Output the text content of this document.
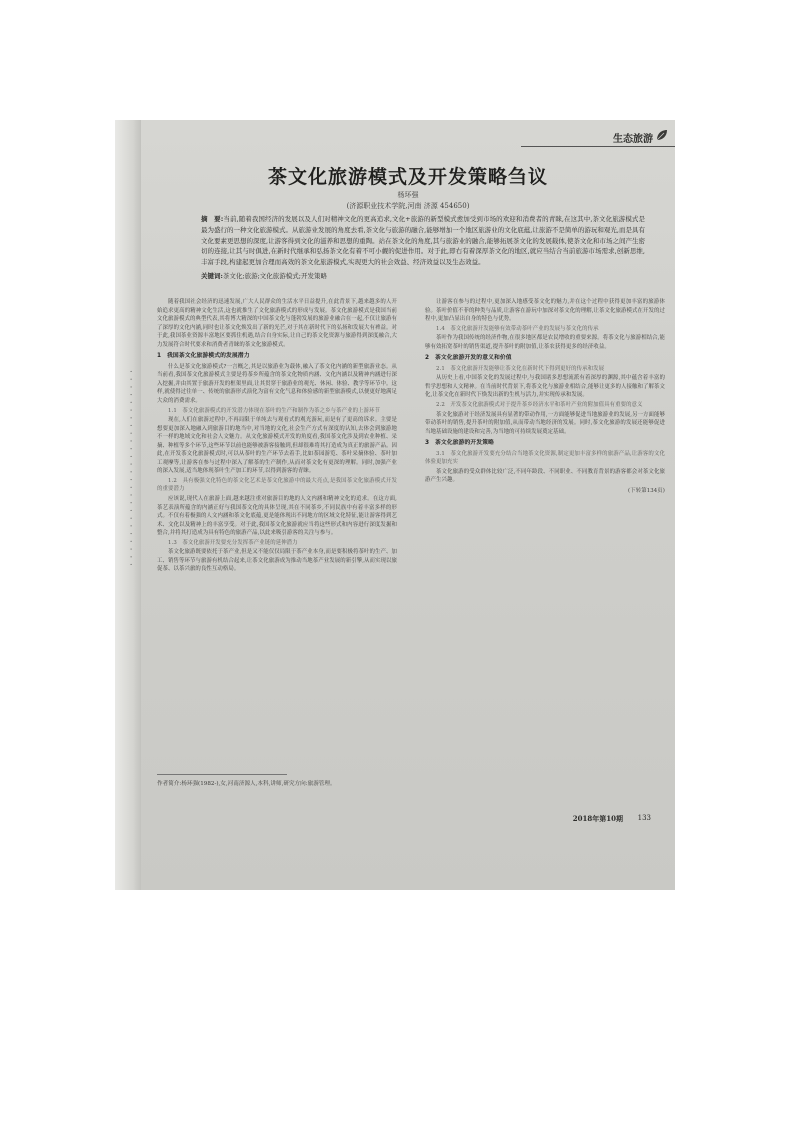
· · · · · · · · · · · · · · · · · · · · · · · · · ·
生态旅游
茶文化旅游模式及开发策略刍议
杨环强
(济源职业技术学院,河南 济源 454650)
摘　要:当前,随着我国经济的发展以及人们对精神文化的更高追求,文化+旅游的新型模式愈加受到市场的欢迎和消费者的青睐,在这其中,茶文化旅游模式是最为盛行的一种文化旅游模式。从旅游业发展的角度去看,茶文化与旅游的融合,能够增加一个地区旅游业的文化底蕴,让旅游不是简单的游玩和观光,而是具有文化要素更思想的深度,让游客得到文化的滋养和思想的重陶。站在茶文化的角度,其与旅游业的融合,能够拓展茶文化的发展载体,使茶文化和市场之间产生密切的连接,让其与时俱进,在新时代继承和弘扬茶文化有着不可小觑的促进作用。对于此,即右有着深厚茶文化的地区,就应当结合当前旅游市场需求,创新思维,丰富手段,构建起更加合理而高效的茶文化旅游模式,实现更大的社会效益、经济效益以及生态效益。
关键词:茶文化;旅游;文化旅游模式;开发策略

随着我国社会经济的迅速发展,广大人民群众的生活水平日益提升,在此背景下,越来越多的人开始追求更高的精神文化生活,这也就推生了文化旅游模式的形成与发展。茶文化旅游模式是我国当前文化旅游模式的典型代表,其将博大精深的中国茶文化与蓬勃发展的旅游业融合在一起,不仅让旅游有了深厚的文化内涵,同时也让茶文化焕发出了新的光芒,对于其在新时代下的弘扬和发展大有裨益。对于此,我国茶业资源丰富地区要抓住机遇,结合自身实际,让自己的茶文化资源与旅游得到深度融合,大力发展符合时代要求和消费者青睐的茶文化旅游模式。

1　我国茶文化旅游模式的发展潜力

什么是茶文化旅游模式?一言概之,其是以旅游业为载体,融入了茶文化内涵的新型旅游业态。从当前看,我国茶文化旅游模式主要是将茶乡所蕴含的茶文化物质内涵、文化内涵以及精神内涵进行深入挖掘,并由其置于旅游开发的框架里面,让其贯穿于旅游业的观光、休闲、体验、教学等环节中。这样,就使得过往单一、传统的旅游形式演化为富有文化气息和体验感的新型旅游模式,以便更好地满足大众的消费需求。

1.1　茶文化旅游模式的开发潜力体现在茶叶的生产和制作为茶之乡与茶产业的上游环节

现在,人们在旅游过程中,不再局限于单纯去与观看式的观光游玩,而是有了更高的诉求。主要是想要更加深入地融入到旅游目的地当中,对当地的文化,社会生产方式有深度的认知,去体会到旅游地不一样的地域文化和社会人文魅力。从文化旅游模式开发的角度看,我国茶文化涉及到农业种植、采摘、种植等多个环节,这些环节以前也能够被游客接触到,但却很难将其打造成为真正的旅游产品。因此,在开发茶文化旅游模式时,可以从茶叶的生产环节去着手,比如茶园游览、茶叶采摘体验、茶叶加工观摩等,让游客在参与过程中深入了解茶的生产制作,从而对茶文化有更深的理解。同时,加强产业的深入发展,适当地体现茶叶生产加工的环节,以得到游客的青睐。

1.2　具有极强文化特色的茶文化艺术是茶文化旅游中的最大亮点,是我国茶文化旅游模式开发的重要潜力

应该说,现代人在旅游上面,越来越注重对旅游目的地的人文内涵和精神文化的追求。在这方面,茶艺表演所蕴含的内涵正好与我国茶文化的具体呈现,其在不同茶乡,不同民族中有着丰富多样的形式。不仅有着极强的人文内涵和茶文化底蕴,更是能体现出不同地方的区域文化特征,能让游客得到艺术、文化以及精神上的丰富享受。对于此,我国茶文化旅游就应当将这些形式和内容进行深度发掘和整合,并将其打造成为具有特色的旅游产品,以此来吸引游客的关注与参与。

1.3　茶文化旅游开发要充分发挥茶产业链的延伸潜力

茶文化旅游既要依托于茶产业,但是又不能仅仅局限于茶产业本身,而是要积极将茶叶的生产、加工、销售等环节与旅游有机结合起来,让茶文化旅游成为推动当地茶产业发展的新引擎,从而实现以旅促茶、以茶兴旅的良性互动格局。

让游客在参与的过程中,更加深入地感受茶文化的魅力,并在这个过程中获得更加丰富的旅游体验。茶叶价值不菲的种类与品质,让游客在游玩中加深对茶文化的理解,让茶文化旅游模式在开发的过程中,更加凸显出自身的特色与优势。

1.4　茶文化旅游开发能够有效带动茶叶产业的发展与茶文化的传承

茶叶作为我国传统的经济作物,在很多地区都是农民增收的重要来源。将茶文化与旅游相结合,能够有效拓宽茶叶的销售渠道,提升茶叶的附加值,让茶农获得更多的经济收益。

2　茶文化旅游开发的意义和价值

2.1　茶文化旅游开发能够让茶文化在新时代下得到更好的传承和发展

从历史上看,中国茶文化的发展过程中,与我国诸多思想流派有着深厚的渊源,其中蕴含着丰富的哲学思想和人文精神。在当前时代背景下,将茶文化与旅游业相结合,能够让更多的人接触和了解茶文化,让茶文化在新时代下焕发出新的生机与活力,并实现传承和发展。

2.2　开发茶文化旅游模式对于提升茶乡经济水平和茶叶产业的附加值具有重要的意义

茶文化旅游对于经济发展具有显著的带动作用,一方面能够促进当地旅游业的发展,另一方面能够带动茶叶的销售,提升茶叶的附加值,从而带动当地经济的发展。同时,茶文化旅游的发展还能够促进当地基础设施的建设和完善,为当地的可持续发展奠定基础。

3　茶文化旅游的开发策略

3.1　茶文化旅游开发要充分结合当地茶文化资源,制定更加丰富多样的旅游产品,让游客的文化体验更加充实

茶文化旅游的受众群体比较广泛,不同年龄段、不同职业、不同教育背景的游客都会对茶文化旅游产生兴趣。

(下转第134页)
作者简介:杨环强(1982-),女,河南济源人,本科,讲师,研究方向:旅游管理。
2018年第10期 133
